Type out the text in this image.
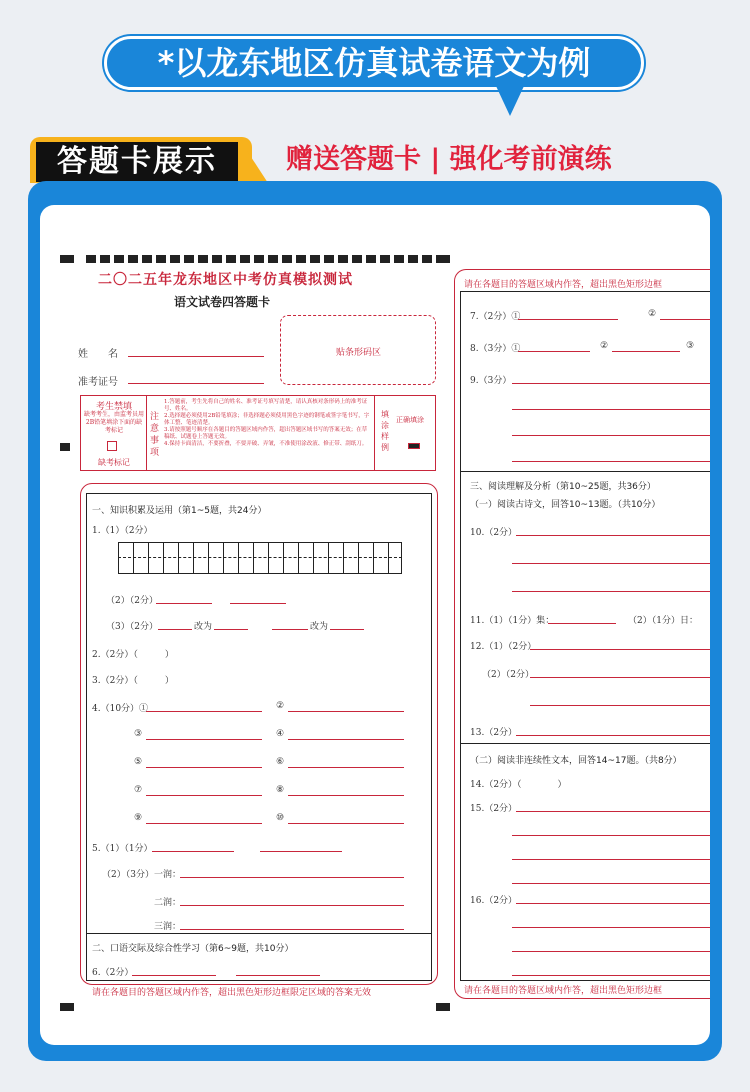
*以龙东地区仿真试卷语文为例
答题卡展示	赠送答题卡 | 强化考前演练
二〇二五年龙东地区中考仿真模拟测试
语文试卷四答题卡
姓　　名
准考证号
贴条形码区
考生禁填
缺考考生，由监考员用2B铅笔填涂下面的缺考标记
缺考标记
注意事项
1.答题前，考生先将自己的姓名、准考证号填写清楚，请认真核对条形码上的准考证号、姓名。
2.选择题必须使用2B铅笔填涂；非选择题必须使用黑色字迹的钢笔或签字笔书写，字体工整、笔迹清楚。
3.请按照题号顺序在各题目的答题区域内作答，超出答题区域书写的答案无效；在草稿纸、试题卷上答题无效。
4.保持卡面清洁，不要折叠，不要弄破、弄皱，不准使用涂改液、修正带、刮纸刀。
填涂样例
正确填涂
一、知识积累及运用（第1~5题，共24分）
1.（1）（2分）
（2）（2分）
（3）（2分）	改为	改为
2.（2分）（　　　）
3.（2分）（　　　）
4.（10分）①	②
③	④
⑤	⑥
⑦	⑧
⑨	⑩
5.（1）（1分）
（2）（3分）一润：
二润：
三润：
二、口语交际及综合性学习（第6~9题，共10分）
6.（2分）
请在各题目的答题区域内作答，超出黑色矩形边框限定区域的答案无效
请在各题目的答题区域内作答，超出黑色矩形边框
7.（2分）①	②
8.（3分）①	②	③
9.（3分）
三、阅读理解及分析（第10~25题，共36分）
（一）阅读古诗文，回答10~13题。（共10分）
10.（2分）
11.（1）（1分）集：	（2）（1分）日：
12.（1）（2分）
（2）（2分）
13.（2分）
（二）阅读非连续性文本，回答14~17题。（共8分）
14.（2分）（　　　　）
15.（2分）
16.（2分）
请在各题目的答题区域内作答，超出黑色矩形边框
